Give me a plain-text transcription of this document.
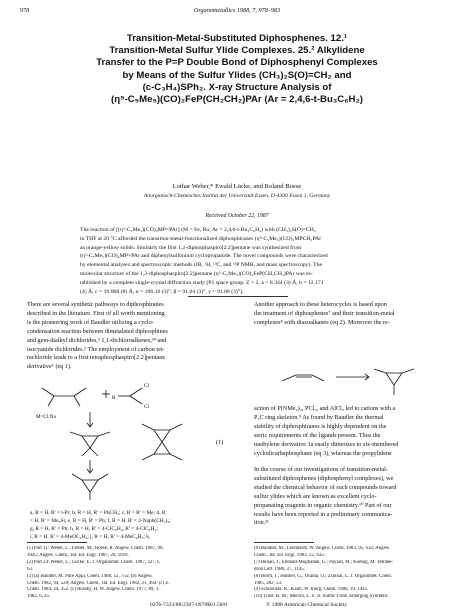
978	Organometallics 1988, 7, 978–983
Transition-Metal-Substituted Diphosphenes. 12.¹
Transition-Metal Sulfur Ylide Complexes. 25.² Alkylidene
Transfer to the P=P Double Bond of Diphosphenyl Complexes
by Means of the Sulfur Ylides (CH₃)₂S(O)=CH₂ and
(c-C₃H₄)SPh₂. X-ray Structure Analysis of
(η⁵-C₅Me₅)(CO)₂FeP(CH₂CH₂)PAr (Ar = 2,4,6-t-Bu₃C₆H₂)
Lothar Weber,* Ewald Lücke, and Roland Boese
Anorganisch-Chemisches Institut der Universität Essen, D-4300 Essen 1, Germany
Received October 22, 1987
The reaction of [(η⁵-C₅Me₅)(CO)₂MP=PAr] (M = Fe, Ru; Ar = 2,4,6-t-Bu₃C₆H₂) with (CH₃)₂S(O)=CH₂
in THF at 20 °C afforded the transition-metal-functionalized diphosphiranes (η⁵-C₅Me₅)(CO)₂MPCH₂PAr
as orange-yellow solids. Similarly the first 1,2-diphosphaspiro[2.2]pentane was synthesized from
(η⁵-C₅Me₅)(CO)₂MP=PAr and diphenylsulfonium cyclopropanide. The novel compounds were characterized
by elemental analyses and spectroscopic methods (IR, ¹H, ¹³C, and ³¹P NMR, and mass spectroscopy). The
molecular structure of the 1,2-diphosphaspiro[2.2]pentane (η⁵-C₅Me₅)(CO)₂FeP(CH₂CH₂)PAr was es-
tablished by a complete single-crystal diffraction study [P1 space group; Z = 2, a = 8.344 (3) Å, b = 12.171
(4) Å, c = 19.008 (8) Å, α = 106.16 (3)°, β = 91.04 (3)°, γ = 91.88 (3)°].
There are several synthetic pathways to diphosphiranes
described in the literature. First of all worth mentioning
is the pioneering work of Baudler utilizing a cyclo-
condensation reaction between dimetalated diphosphines
and gem-dialkyl dichlorides,³ 1,1-dichloroalkenes,³⁴ and
isocyanide dichlorides.⁵ The employment of carbon tet-
rachloride leads to a first tetraphosphaspiro[2.2]pentane
derivative⁶ (eq 1).
(1)
M=Cl,Na
Cl
Cl
R
a, R = H, R' = i-Pr; b, R = H, R' = PhCH₂; c, R = R' = Me; d, R
= H, R' = Me₃Si; e, R = H, R' = Ph; f, R = H, R' = 2-Naph(CH₂)₂;
g, R = H, R' = Ph; h, R = H, R' = 4-ClC₆H₄, R' = 4-ClC₆H₄;
i, R = H, R' = 4-MeOC₆H₄; j, R = H, R' = 4-MeC₆H₄; k,
Another approach to these heterocycles is based upon
the treatment of diphosphenes⁷ and their transition-metal
complexes⁸ with diazoalkanes (eq 2). Moreover the re-
action of P(NMe₂)₃, PCl₃, and AlCl₃ led to cations with a
P₃C ring skeleton.⁹ As found by Baudler the thermal
stability of diphosphiranes is highly dependent on the
steric requirements of the ligands present. Thus the
methylene derivative 1a easily dimerizes to six-membered
cyclodicarbaphosphane (eq 3), whereas the propylidene
In the course of our investigations of transition-metal-
substituted diphosphenes (diphosphenyl complexes), we
studied the chemical behavior of such compounds toward
sulfur ylides which are known as excellent cyclo-
propanating reagents in organic chemistry.¹⁰ Part of our
results have been reported in a preliminary communica-
tion.¹¹
(1) Part 11: Weber, L.; Frebel, M.; Boese, R. Angew. Chem. 1987, 99,
1045; Angew. Chem., Int. Ed. Engl. 1987, 26, 1010.
(2) Part 24: Weber, L.; Lücke, E. J. Organomet. Chem. 1987, 327, C
63.
(3) (a) Baudler, M. Pure Appl. Chem. 1980, 52, 755; (b) Angew.
Chem. 1982, 94, 520; Angew. Chem., Int. Ed. Engl. 1982, 21, 492. (c) Z.
Chem. 1984, 24, 352. (c) Rossky, H. W. Angew. Chem. 1977, 89, 1.
1982, 6, 45.
(6) Baudler, M.; Leonhardt, W. Angew. Chem. 1983, 95, 632; Angew.
Chem., Int. Ed. Engl. 1983, 22, 632.
(7) Bellan, J.; Etemad-Moghadan, G.; Payard, M.; Koenig, M. Tetrahe-
dron Lett. 1986, 27, 1145.
(8) Borm, J.; Huttner, G.; Orama, O.; Zsolnai, L. J. Organomet. Chem.
1985, 282, 53.
(9) Schnöckel, R.; Kaim, W. Inorg. Chem. 1980, 19, 1445.
(10) Trost, B. M.; Melvin, L. S. Jr. Sulfur Ylide, Emerging Synthetic
0276-7333/88/2307-0978$01.50/0	© 1988 American Chemical Society
